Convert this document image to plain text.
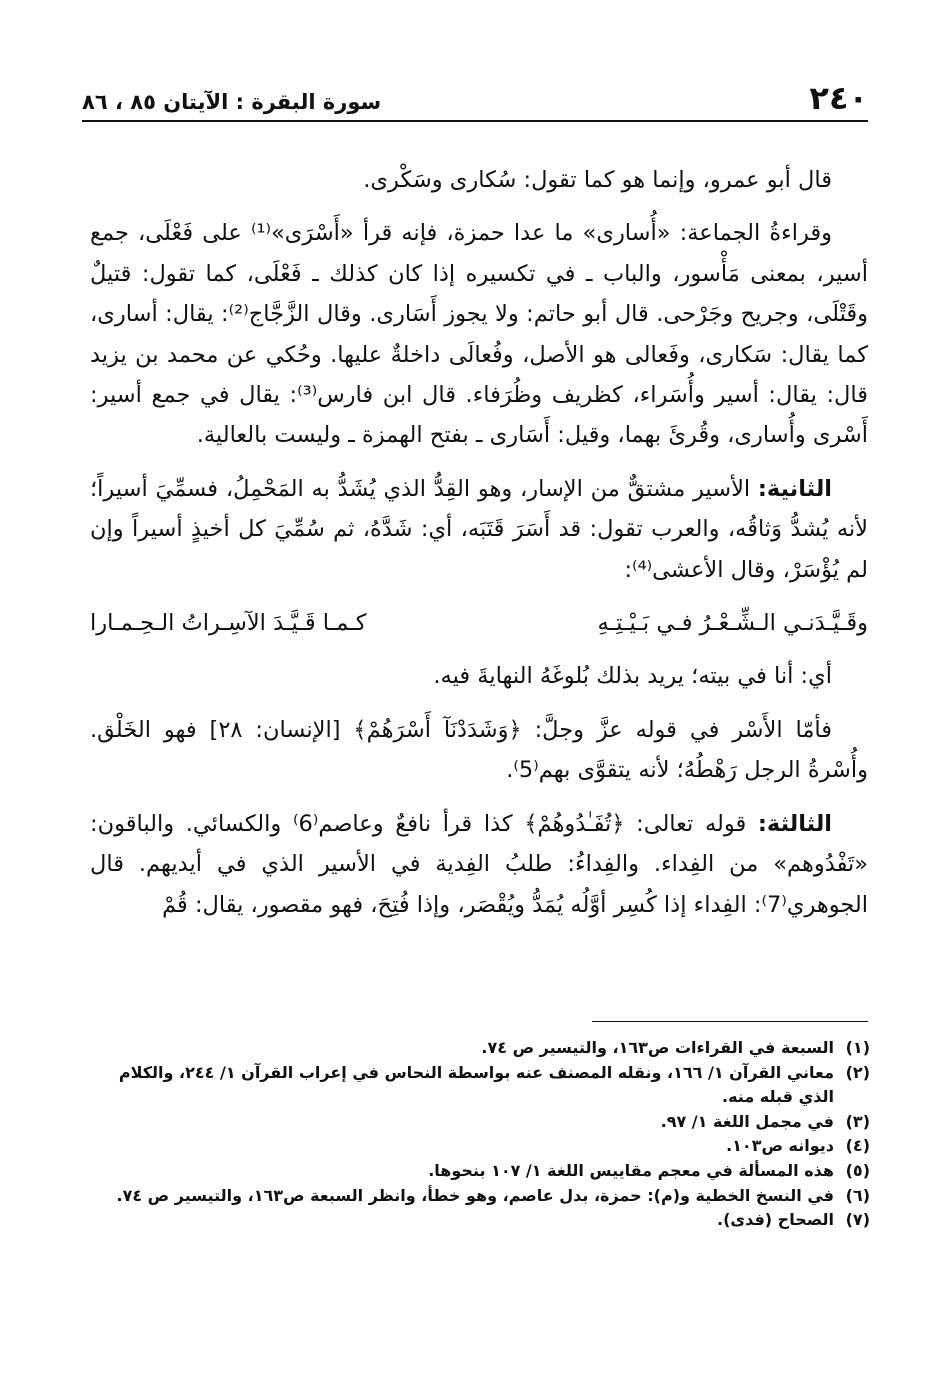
٢٤٠
سورة البقرة : الآيتان ٨٥ ، ٨٦

قال أبو عمرو، وإنما هو كما تقول: سُكارى وسَكْرى.

وقراءةُ الجماعة: «أُسارى» ما عدا حمزة، فإنه قرأ «أَسْرَى»⁽¹⁾ على فَعْلَى، جمع أسير، بمعنى مَأْسور، والباب ـ في تكسيره إذا كان كذلك ـ فَعْلَى، كما تقول: قتيلٌ وقَتْلَى، وجريح وجَرْحى. قال أبو حاتم: ولا يجوز أَسَارى. وقال الزَّجَّاج⁽²⁾: يقال: أسارى، كما يقال: سَكارى، وفَعالى هو الأصل، وفُعالَى داخلةٌ عليها. وحُكي عن محمد بن يزيد قال: يقال: أسير وأُسَراء، كظريف وظُرَفاء. قال ابن فارس⁽³⁾: يقال في جمع أسير: أَسْرى وأُسارى، وقُرئَ بهما، وقيل: أَسَارى ـ بفتح الهمزة ـ وليست بالعالية.

الثانية: الأسير مشتقٌّ من الإسار، وهو القِدُّ الذي يُشَدُّ به المَحْمِلُ، فسمِّيَ أسيراً؛ لأنه يُشدُّ وَثاقُه، والعرب تقول: قد أَسَرَ قَتَبَه، أي: شَدَّهُ، ثم سُمِّيَ كل أخيذٍ أسيراً وإن لم يُؤْسَرْ، وقال الأعشى⁽⁴⁾:

وقَـيَّـدَنـي الـشِّـعْـرُ فـي بَـيْـتِـهِ
كـمـا قَـيَّـدَ الآسِـراتُ الـحِـمـارا

أي: أنا في بيته؛ يريد بذلك بُلوغَهُ النهايةَ فيه.

فأمّا الأَسْر في قوله عزَّ وجلَّ: ﴿وَشَدَدْنَآ أَسْرَهُمْ﴾ [الإنسان: ٢٨] فهو الخَلْق. وأُسْرةُ الرجل رَهْطُهُ؛ لأنه يتقوَّى بهم⁽5⁾.

الثالثة: قوله تعالى: ﴿تُفَـٰدُوهُمْ﴾ كذا قرأ نافعٌ وعاصم⁽6⁾ والكسائي. والباقون: «تَفْدُوهم» من الفِداء. والفِداءُ: طلبُ الفِدية في الأسير الذي في أيديهم. قال الجوهري⁽7⁾: الفِداء إذا كُسِر أوَّلُه يُمَدُّ ويُقْصَر، وإذا فُتِحَ، فهو مقصور، يقال: قُمْ

(١)
السبعة في القراءات ص١٦٣، والتيسير ص ٧٤.
(٢)
معاني القرآن ١/ ١٦٦، ونقله المصنف عنه بواسطة النحاس في إعراب القرآن ١/ ٢٤٤، والكلام الذي قبله منه.
(٣)
في مجمل اللغة ١/ ٩٧.
(٤)
ديوانه ص١٠٣.
(٥)
هذه المسألة في معجم مقاييس اللغة ١/ ١٠٧ بنحوها.
(٦)
في النسخ الخطية و(م): حمزة، بدل عاصم، وهو خطأ، وانظر السبعة ص١٦٣، والتيسير ص ٧٤.
(٧)
الصحاح (فدى).
